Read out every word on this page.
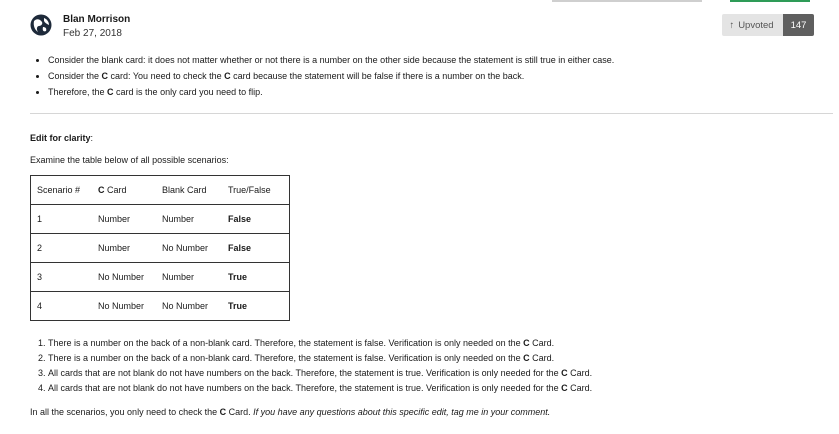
Blan Morrison
Feb 27, 2018
↑ Upvoted	147
• Consider the blank card: it does not matter whether or not there is a number on the other side because the statement is still true in either case.
• Consider the C card: You need to check the C card because the statement will be false if there is a number on the back.
• Therefore, the C card is the only card you need to flip.
Edit for clarity:
Examine the table below of all possible scenarios:
Scenario #	C Card	Blank Card	True/False
1	Number	Number	False
2	Number	No Number	False
3	No Number	Number	True
4	No Number	No Number	True
1. There is a number on the back of a non-blank card. Therefore, the statement is false. Verification is only needed on the C Card.
2. There is a number on the back of a non-blank card. Therefore, the statement is false. Verification is only needed on the C Card.
3. All cards that are not blank do not have numbers on the back. Therefore, the statement is true. Verification is only needed for the C Card.
4. All cards that are not blank do not have numbers on the back. Therefore, the statement is true. Verification is only needed for the C Card.
In all the scenarios, you only need to check the C Card. If you have any questions about this specific edit, tag me in your comment.
